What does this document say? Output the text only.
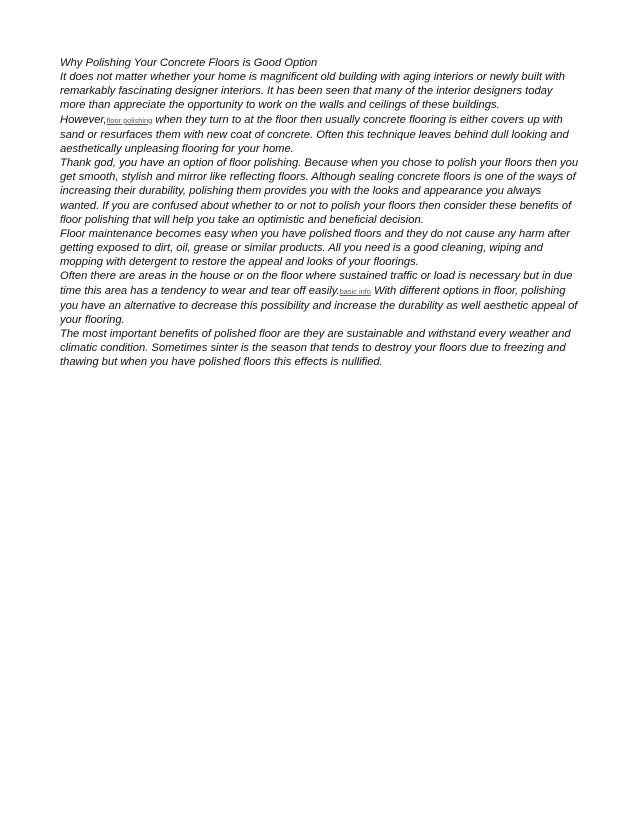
Why Polishing Your Concrete Floors is Good Option

It does not matter whether your home is magnificent old building with aging interiors or newly built with remarkably fascinating designer interiors. It has been seen that many of the interior designers today more than appreciate the opportunity to work on the walls and ceilings of these buildings.

However,floor polishing when they turn to at the floor then usually concrete flooring is either covers up with sand or resurfaces them with new coat of concrete. Often this technique leaves behind dull looking and aesthetically unpleasing flooring for your home.

Thank god, you have an option of floor polishing. Because when you chose to polish your floors then you get smooth, stylish and mirror like reflecting floors. Although sealing concrete floors is one of the ways of increasing their durability, polishing them provides you with the looks and appearance you always wanted. If you are confused about whether to or not to polish your floors then consider these benefits of floor polishing that will help you take an optimistic and beneficial decision.

Floor maintenance becomes easy when you have polished floors and they do not cause any harm after getting exposed to dirt, oil, grease or similar products. All you need is a good cleaning, wiping and mopping with detergent to restore the appeal and looks of your floorings.

Often there are areas in the house or on the floor where sustained traffic or load is necessary but in due time this area has a tendency to wear and tear off easily.basic info With different options in floor, polishing you have an alternative to decrease this possibility and increase the durability as well aesthetic appeal of your flooring.

The most important benefits of polished floor are they are sustainable and withstand every weather and climatic condition. Sometimes sinter is the season that tends to destroy your floors due to freezing and thawing but when you have polished floors this effects is nullified.
